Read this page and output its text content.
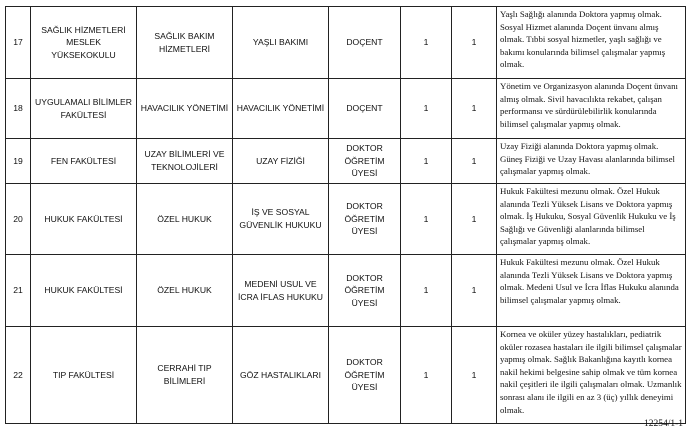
17	SAĞLIK HİZMETLERİ MESLEK YÜKSEKOKULU	SAĞLIK BAKIM HİZMETLERİ	YAŞLI BAKIMI	DOÇENT	1	1	Yaşlı Sağlığı alanında Doktora yapmış olmak. Sosyal Hizmet alanında Doçent ünvanı almış olmak. Tıbbi sosyal hizmetler, yaşlı sağlığı ve bakımı konularında bilimsel çalışmalar yapmış olmak.
18	UYGULAMALI BİLİMLER FAKÜLTESİ	HAVACILIK YÖNETİMİ	HAVACILIK YÖNETİMİ	DOÇENT	1	1	Yönetim ve Organizasyon alanında Doçent ünvanı almış olmak. Sivil havacılıkta rekabet, çalışan performansı ve sürdürülebilirlik konularında bilimsel çalışmalar yapmış olmak.
19	FEN FAKÜLTESİ	UZAY BİLİMLERİ VE TEKNOLOJİLERİ	UZAY FİZİĞİ	DOKTOR ÖĞRETİM ÜYESİ	1	1	Uzay Fiziği alanında Doktora yapmış olmak. Güneş Fiziği ve Uzay Havası alanlarında bilimsel çalışmalar yapmış olmak.
20	HUKUK FAKÜLTESİ	ÖZEL HUKUK	İŞ VE SOSYAL GÜVENLİK HUKUKU	DOKTOR ÖĞRETİM ÜYESİ	1	1	Hukuk Fakültesi mezunu olmak. Özel Hukuk alanında Tezli Yüksek Lisans ve Doktora yapmış olmak. İş Hukuku, Sosyal Güvenlik Hukuku ve İş Sağlığı ve Güvenliği alanlarında bilimsel çalışmalar yapmış olmak.
21	HUKUK FAKÜLTESİ	ÖZEL HUKUK	MEDENİ USUL VE İCRA İFLAS HUKUKU	DOKTOR ÖĞRETİM ÜYESİ	1	1	Hukuk Fakültesi mezunu olmak. Özel Hukuk alanında Tezli Yüksek Lisans ve Doktora yapmış olmak. Medeni Usul ve İcra İflas Hukuku alanında bilimsel çalışmalar yapmış olmak.
22	TIP FAKÜLTESİ	CERRAHİ TIP BİLİMLERİ	GÖZ HASTALIKLARI	DOKTOR ÖĞRETİM ÜYESİ	1	1	Kornea ve oküler yüzey hastalıkları, pediatrik oküler rozasea hastaları ile ilgili bilimsel çalışmalar yapmış olmak. Sağlık Bakanlığına kayıtlı kornea nakil hekimi belgesine sahip olmak ve tüm kornea nakil çeşitleri ile ilgili çalışmaları olmak. Uzmanlık sonrası alanı ile ilgili en az 3 (üç) yıllık deneyimi olmak.
12254/1-1
